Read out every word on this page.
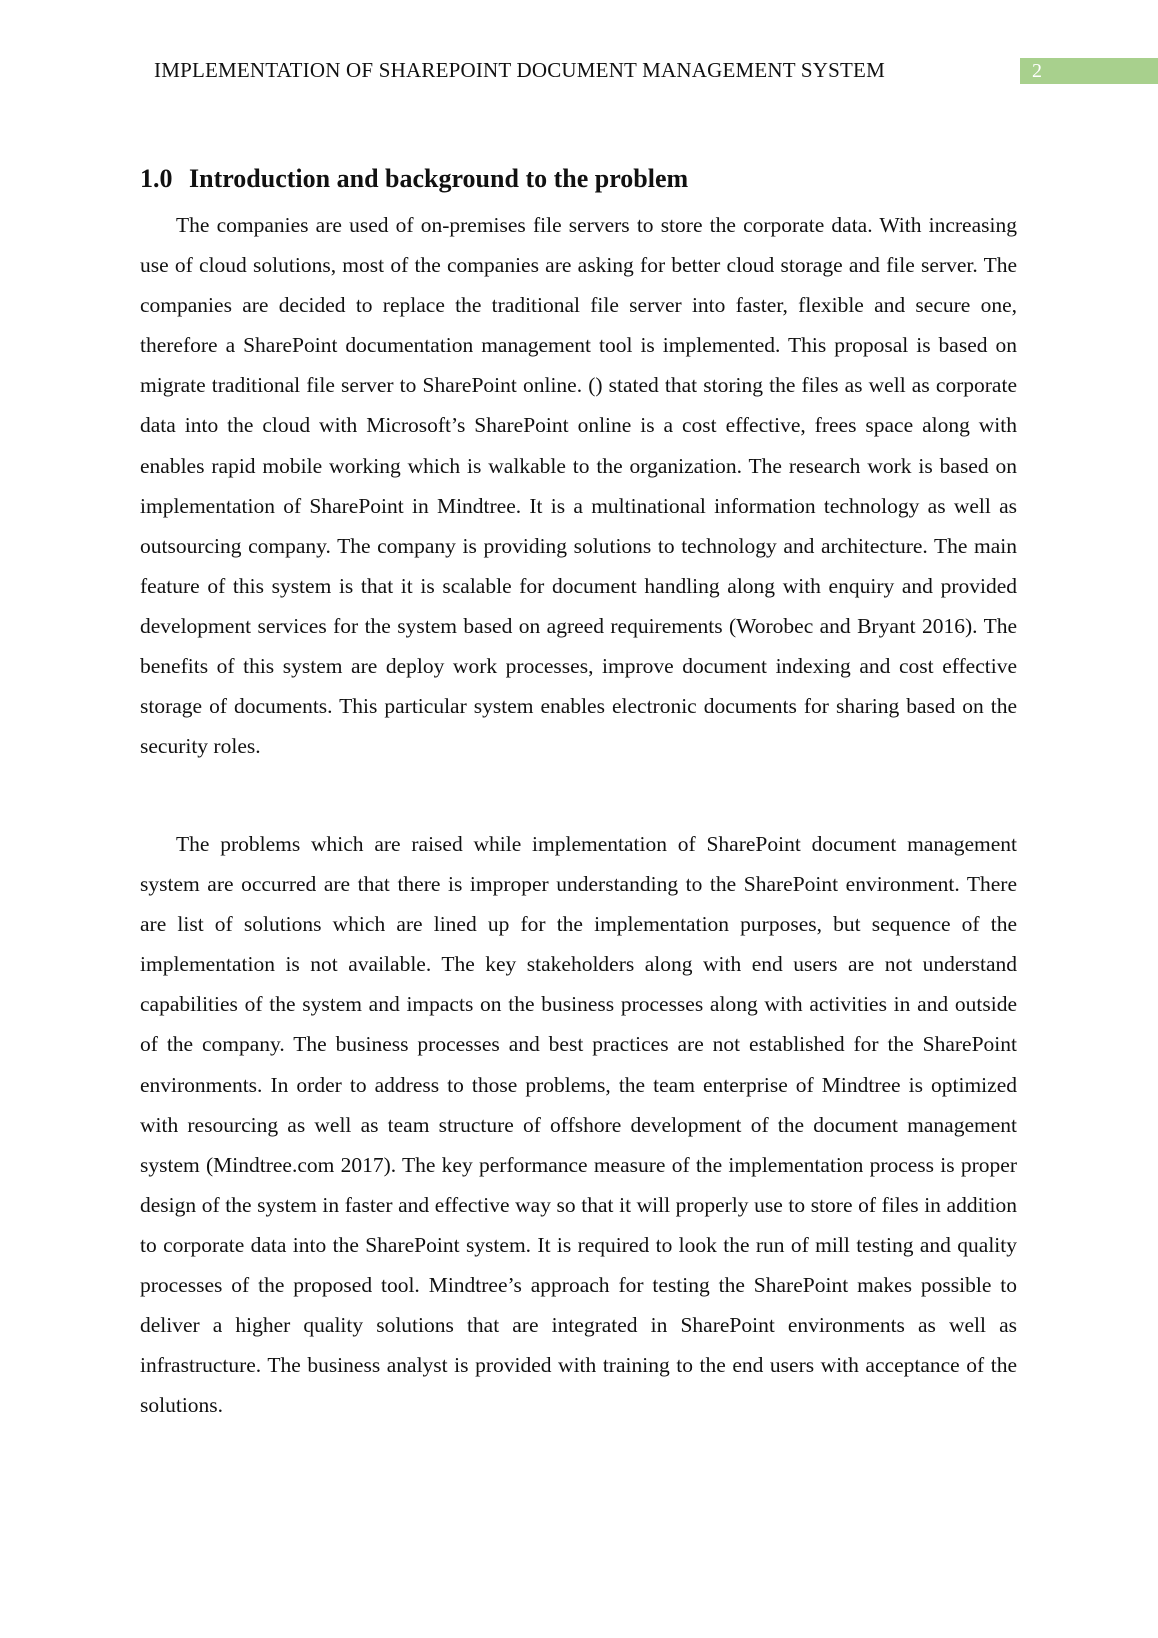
IMPLEMENTATION OF SHAREPOINT DOCUMENT MANAGEMENT SYSTEM	2
1.0 Introduction and background to the problem

The companies are used of on-premises file servers to store the corporate data. With increasing use of cloud solutions, most of the companies are asking for better cloud storage and file server. The companies are decided to replace the traditional file server into faster, flexible and secure one, therefore a SharePoint documentation management tool is implemented. This proposal is based on migrate traditional file server to SharePoint online. () stated that storing the files as well as corporate data into the cloud with Microsoft’s SharePoint online is a cost effective, frees space along with enables rapid mobile working which is walkable to the organization. The research work is based on implementation of SharePoint in Mindtree. It is a multinational information technology as well as outsourcing company. The company is providing solutions to technology and architecture. The main feature of this system is that it is scalable for document handling along with enquiry and provided development services for the system based on agreed requirements (Worobec and Bryant 2016). The benefits of this system are deploy work processes, improve document indexing and cost effective storage of documents. This particular system enables electronic documents for sharing based on the security roles.

The problems which are raised while implementation of SharePoint document management system are occurred are that there is improper understanding to the SharePoint environment. There are list of solutions which are lined up for the implementation purposes, but sequence of the implementation is not available. The key stakeholders along with end users are not understand capabilities of the system and impacts on the business processes along with activities in and outside of the company. The business processes and best practices are not established for the SharePoint environments. In order to address to those problems, the team enterprise of Mindtree is optimized with resourcing as well as team structure of offshore development of the document management system (Mindtree.com 2017). The key performance measure of the implementation process is proper design of the system in faster and effective way so that it will properly use to store of files in addition to corporate data into the SharePoint system. It is required to look the run of mill testing and quality processes of the proposed tool. Mindtree’s approach for testing the SharePoint makes possible to deliver a higher quality solutions that are integrated in SharePoint environments as well as infrastructure. The business analyst is provided with training to the end users with acceptance of the solutions.
